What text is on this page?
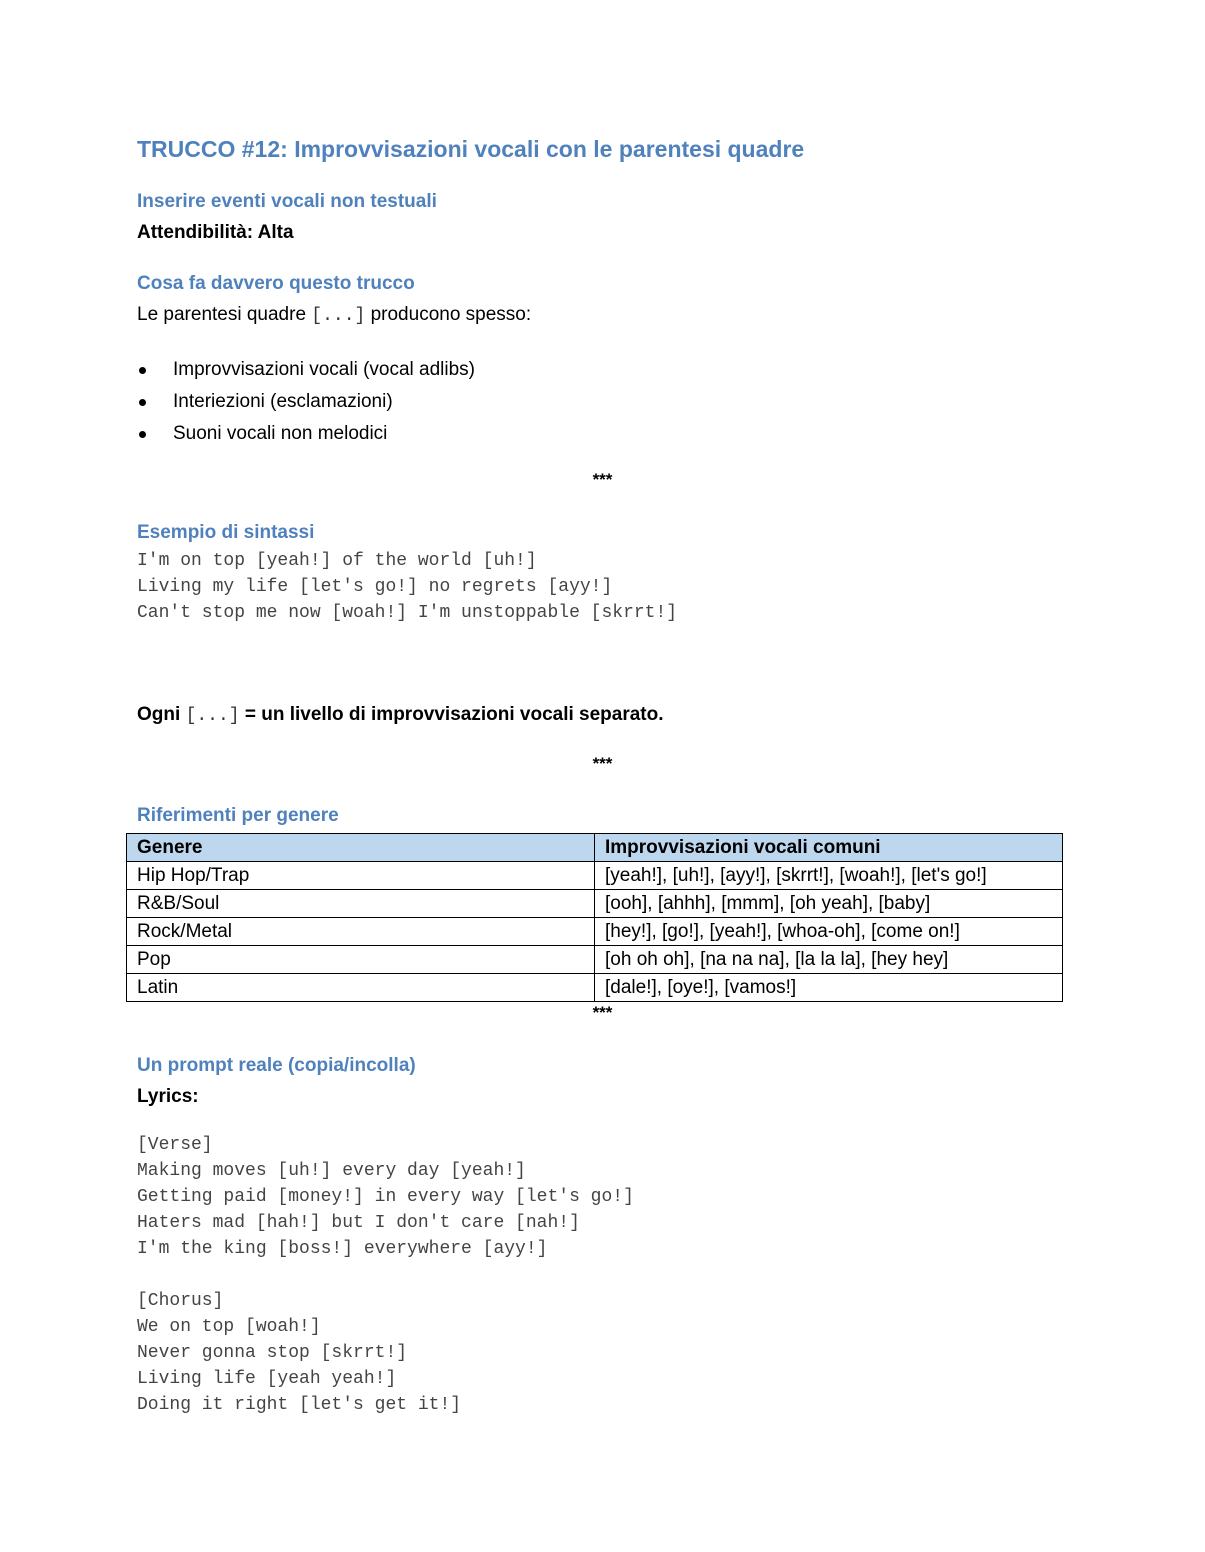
TRUCCO #12: Improvvisazioni vocali con le parentesi quadre
Inserire eventi vocali non testuali
Attendibilità: Alta
Cosa fa davvero questo trucco
Le parentesi quadre [...] producono spesso:
Improvvisazioni vocali (vocal adlibs)
Interiezioni (esclamazioni)
Suoni vocali non melodici
***
Esempio di sintassi
I'm on top [yeah!] of the world [uh!]
Living my life [let's go!] no regrets [ayy!]
Can't stop me now [woah!] I'm unstoppable [skrrt!]
Ogni [...] = un livello di improvvisazioni vocali separato.
***
Riferimenti per genere
Genere	Improvvisazioni vocali comuni
Hip Hop/Trap	[yeah!], [uh!], [ayy!], [skrrt!], [woah!], [let's go!]
R&B/Soul	[ooh], [ahhh], [mmm], [oh yeah], [baby]
Rock/Metal	[hey!], [go!], [yeah!], [whoa-oh], [come on!]
Pop	[oh oh oh], [na na na], [la la la], [hey hey]
Latin	[dale!], [oye!], [vamos!]
***
Un prompt reale (copia/incolla)
Lyrics:
[Verse]
Making moves [uh!] every day [yeah!]
Getting paid [money!] in every way [let's go!]
Haters mad [hah!] but I don't care [nah!]
I'm the king [boss!] everywhere [ayy!]

[Chorus]
We on top [woah!]
Never gonna stop [skrrt!]
Living life [yeah yeah!]
Doing it right [let's get it!]
